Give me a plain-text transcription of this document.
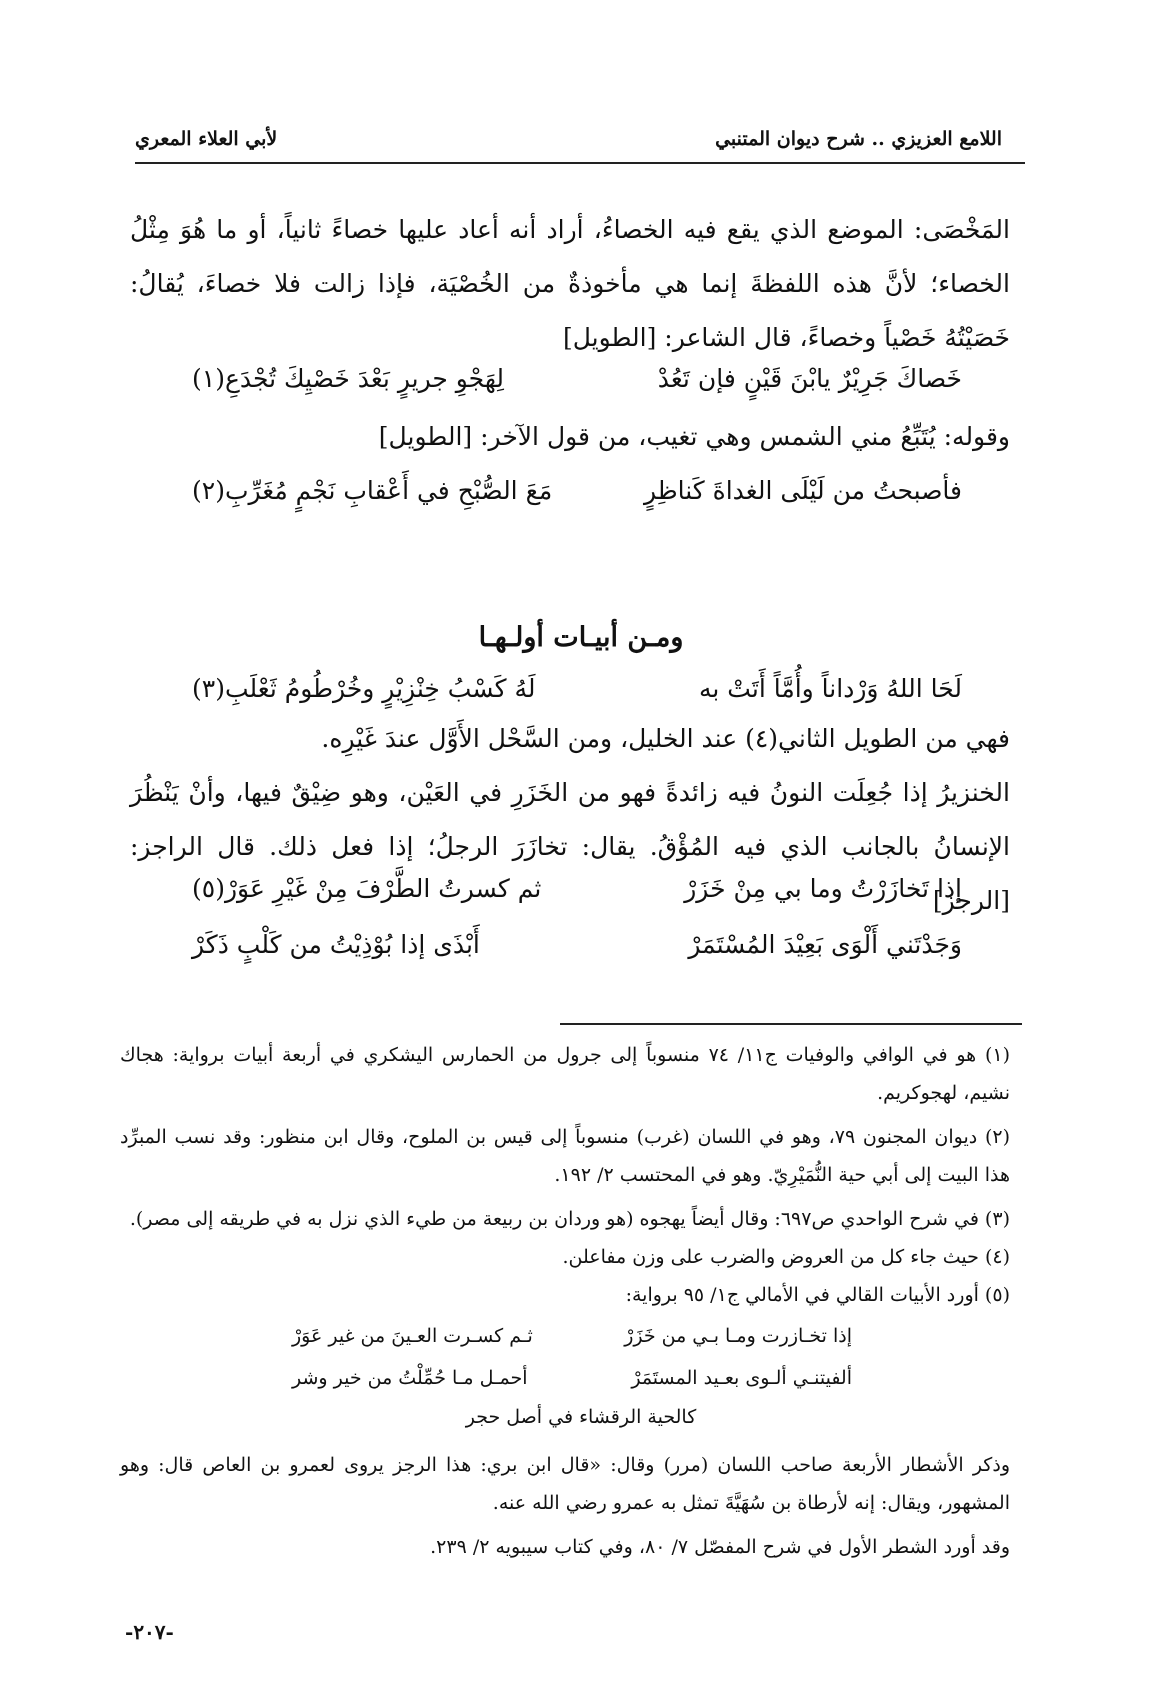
اللامع العزيزي .. شرح ديوان المتنبي
لأبي العلاء المعري
المَخْصَى: الموضع الذي يقع فيه الخصاءُ، أراد أنه أعاد عليها خصاءً ثانياً، أو ما هُوَ مِثْلُ الخصاء؛ لأنَّ هذه اللفظةَ إنما هي مأخوذةٌ من الخُصْيَة، فإذا زالت فلا خصاءَ، يُقالُ: خَصَيْتُهُ خَصْياً وخصاءً، قال الشاعر: [الطويل]
خَصاكَ جَرِيْرٌ يابْنَ قَيْنٍ فإن تَعُدْ
لِهَجْوِ جريرٍ بَعْدَ خَصْيِكَ تُجْدَعِ(١)
وقوله: يُتَبِّعُ مني الشمس وهي تغيب، من قول الآخر: [الطويل]
فأصبحتُ من لَيْلَى الغداةَ كَناظِرٍ
مَعَ الصُّبْحِ في أَعْقابِ نَجْمٍ مُغَرِّبِ(٢)
ومـن أبيـات أولـهـا
لَحَا اللهُ وَرْداناً وأُمَّاً أَتَتْ به
لَهُ كَسْبُ خِنْزِيْرٍ وخُرْطُومُ ثَعْلَبِ(٣)
فهي من الطويل الثاني(٤) عند الخليل، ومن السَّحْل الأَوَّل عندَ غَيْرِه.
الخنزيرُ إذا جُعِلَت النونُ فيه زائدةً فهو من الخَزَرِ في العَيْن، وهو ضِيْقٌ فيها، وأنْ يَنْظُرَ الإنسانُ بالجانب الذي فيه المُؤْقُ. يقال: تخازَرَ الرجلُ؛ إذا فعل ذلك. قال الراجز: [الرجز]
إذا تَخازَرْتُ وما بي مِنْ خَزَرْ
ثم كسرتُ الطَّرْفَ مِنْ غَيْرِ عَوَرْ(٥)
وَجَدْتَني أَلْوَى بَعِيْدَ المُسْتَمَرْ
أَبْذَى إذا بُوْذِيْتُ من كَلْبٍ ذَكَرْ
(١) هو في الوافي والوفيات ج١١/ ٧٤ منسوباً إلى جرول من الحمارس اليشكري في أربعة أبيات برواية: هجاك نشيم، لهجوكريم.
(٢) ديوان المجنون ٧٩، وهو في اللسان (غرب) منسوباً إلى قيس بن الملوح، وقال ابن منظور: وقد نسب المبرِّد هذا البيت إلى أبي حية النُّمَيْرِيّ. وهو في المحتسب ٢/ ١٩٢.
(٣) في شرح الواحدي ص٦٩٧: وقال أيضاً يهجوه (هو وردان بن ربيعة من طيء الذي نزل به في طريقه إلى مصر).
(٤) حيث جاء كل من العروض والضرب على وزن مفاعلن.
(٥) أورد الأبيات القالي في الأمالي ج١/ ٩٥ برواية:
إذا تخـازرت ومـا بـي من خَزَرْ
ثـم كسـرت العـينَ من غير عَوَرْ
ألفيتنـي ألـوى بعـيد المستَمَرْ
أحمـل مـا حُمِّلْتُ من خير وشر
كالحية الرقشاء في أصل حجر
وذكر الأشطار الأربعة صاحب اللسان (مرر) وقال: «قال ابن بري: هذا الرجز يروى لعمرو بن العاص قال: وهو المشهور، ويقال: إنه لأرطاة بن سُهَيَّةَ تمثل به عمرو رضي الله عنه.
وقد أورد الشطر الأول في شرح المفصّل ٧/ ٨٠، وفي كتاب سيبويه ٢/ ٢٣٩.
-٢٠٧-
